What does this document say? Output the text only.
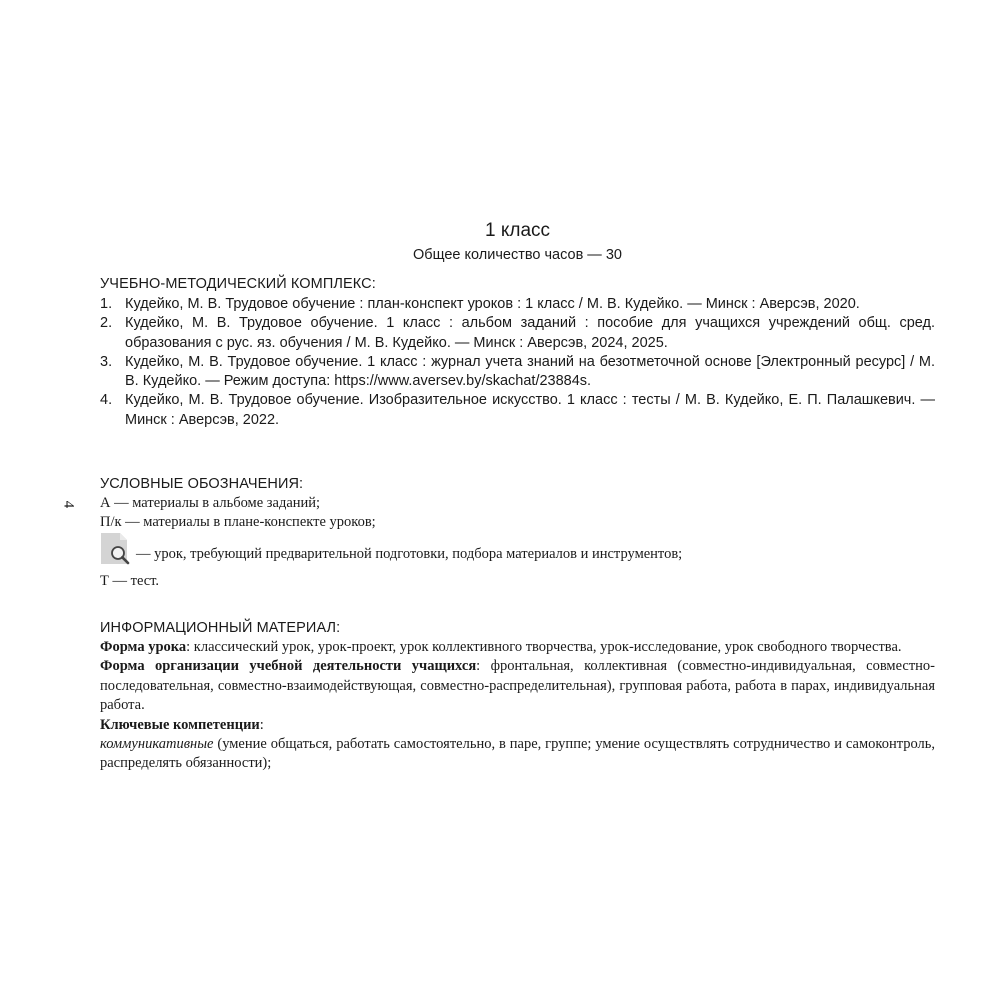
1 класс
Общее количество часов — 30
УЧЕБНО-МЕТОДИЧЕСКИЙ КОМПЛЕКС:
1. Кудейко, М. В. Трудовое обучение : план-конспект уроков : 1 класс / М. В. Кудейко. — Минск : Аверсэв, 2020.
2. Кудейко, М. В. Трудовое обучение. 1 класс : альбом заданий : пособие для учащихся учреждений общ. сред. образования с рус. яз. обучения / М. В. Кудейко. — Минск : Аверсэв, 2024, 2025.
3. Кудейко, М. В. Трудовое обучение. 1 класс : журнал учета знаний на безотметочной основе [Электронный ресурс] / М. В. Кудейко. — Режим доступа: https://www.aversev.by/skachat/23884s.
4. Кудейко, М. В. Трудовое обучение. Изобразительное искусство. 1 класс : тесты / М. В. Кудейко, Е. П. Палашкевич. — Минск : Аверсэв, 2022.
4
УСЛОВНЫЕ ОБОЗНАЧЕНИЯ:
А — материалы в альбоме заданий;
П/к — материалы в плане-конспекте уроков;
— урок, требующий предварительной подготовки, подбора материалов и инструментов;
Т — тест.
ИНФОРМАЦИОННЫЙ МАТЕРИАЛ:

Форма урока: классический урок, урок-проект, урок коллективного творчества, урок-исследование, урок свободного творчества.

Форма организации учебной деятельности учащихся: фронтальная, коллективная (совместно-индивидуальная, совместно-последовательная, совместно-взаимодействующая, совместно-распределительная), групповая работа, работа в парах, индивидуальная работа.

Ключевые компетенции:

коммуникативные (умение общаться, работать самостоятельно, в паре, группе; умение осуществлять сотрудничество и самоконтроль, распределять обязанности);
